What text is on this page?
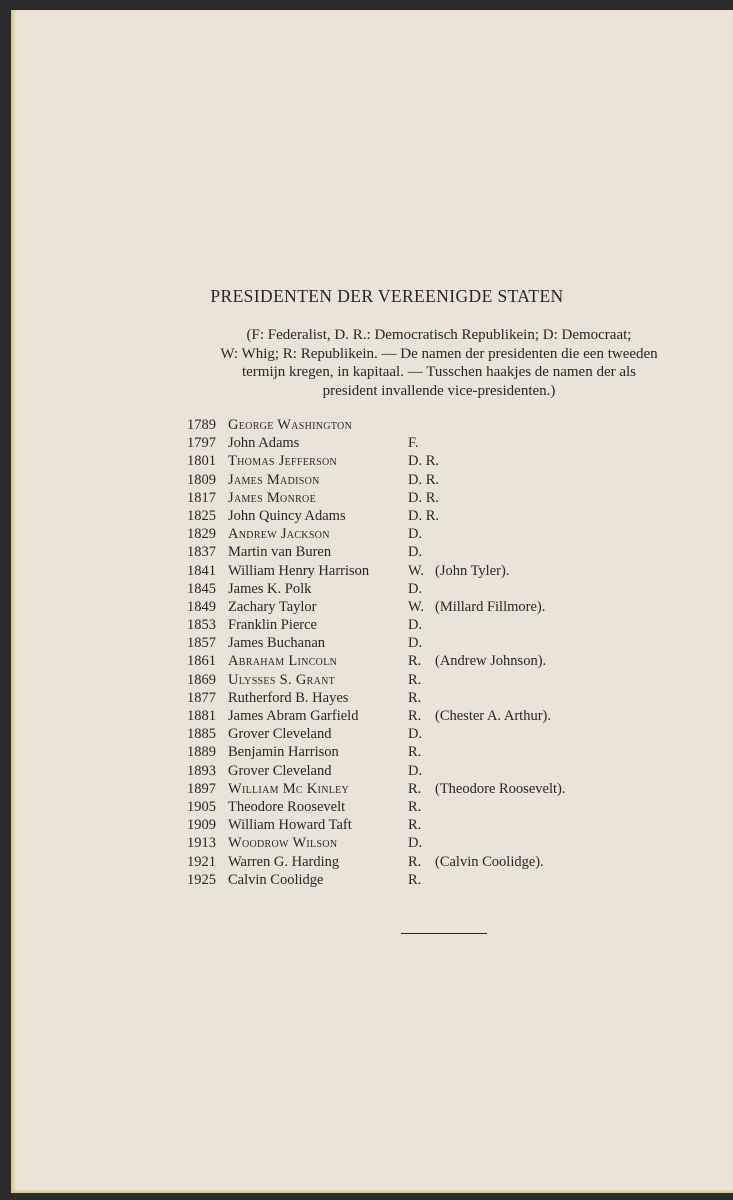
PRESIDENTEN DER VEREENIGDE STATEN
(F: Federalist, D. R.: Democratisch Republikein; D: Democraat;
W: Whig; R: Republikein. — De namen der presidenten die een tweeden
termijn kregen, in kapitaal. — Tusschen haakjes de namen der als
president invallende vice-presidenten.)
1789 George Washington
1797 John Adams	F.
1801 Thomas Jefferson	D. R.
1809 James Madison	D. R.
1817 James Monroe	D. R.
1825 John Quincy Adams	D. R.
1829 Andrew Jackson	D.
1837 Martin van Buren	D.
1841 William Henry Harrison	W. (John Tyler).
1845 James K. Polk	D.
1849 Zachary Taylor	W. (Millard Fillmore).
1853 Franklin Pierce	D.
1857 James Buchanan	D.
1861 Abraham Lincoln	R. (Andrew Johnson).
1869 Ulysses S. Grant	R.
1877 Rutherford B. Hayes	R.
1881 James Abram Garfield	R. (Chester A. Arthur).
1885 Grover Cleveland	D.
1889 Benjamin Harrison	R.
1893 Grover Cleveland	D.
1897 William Mc Kinley	R. (Theodore Roosevelt).
1905 Theodore Roosevelt	R.
1909 William Howard Taft	R.
1913 Woodrow Wilson	D.
1921 Warren G. Harding	R. (Calvin Coolidge).
1925 Calvin Coolidge	R.
